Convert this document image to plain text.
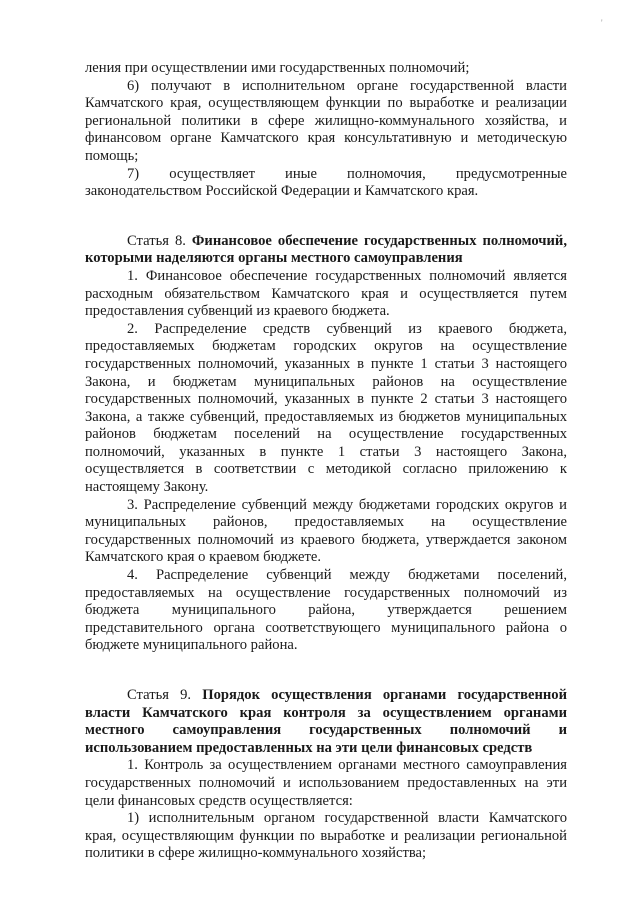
'

ления при осуществлении ими государственных полномочий;

6) получают в исполнительном органе государственной власти Камчатского края, осуществляющем функции по выработке и реализации региональной политики в сфере жилищно-коммунального хозяйства, и финансовом органе Камчатского края консультативную и методическую помощь;

7) осуществляет иные полномочия, предусмотренные законодательством Российской Федерации и Камчатского края.

Статья 8. Финансовое обеспечение государственных полномочий, которыми наделяются органы местного самоуправления

1. Финансовое обеспечение государственных полномочий является расходным обязательством Камчатского края и осуществляется путем предоставления субвенций из краевого бюджета.

2. Распределение средств субвенций из краевого бюджета, предоставляемых бюджетам городских округов на осуществление государственных полномочий, указанных в пункте 1 статьи 3 настоящего Закона, и бюджетам муниципальных районов на осуществление государственных полномочий, указанных в пункте 2 статьи 3 настоящего Закона, а также субвенций, предоставляемых из бюджетов муниципальных районов бюджетам поселений на осуществление государственных полномочий, указанных в пункте 1 статьи 3 настоящего Закона, осуществляется в соответствии с методикой согласно приложению к настоящему Закону.

3. Распределение субвенций между бюджетами городских округов и муниципальных районов, предоставляемых на осуществление государственных полномочий из краевого бюджета, утверждается законом Камчатского края о краевом бюджете.

4. Распределение субвенций между бюджетами поселений, предоставляемых на осуществление государственных полномочий из бюджета муниципального района, утверждается решением представительного органа соответствующего муниципального района о бюджете муниципального района.

Статья 9. Порядок осуществления органами государственной власти Камчатского края контроля за осуществлением органами местного самоуправления государственных полномочий и использованием предоставленных на эти цели финансовых средств

1. Контроль за осуществлением органами местного самоуправления государственных полномочий и использованием предоставленных на эти цели финансовых средств осуществляется:

1) исполнительным органом государственной власти Камчатского края, осуществляющим функции по выработке и реализации региональной политики в сфере жилищно-коммунального хозяйства;
